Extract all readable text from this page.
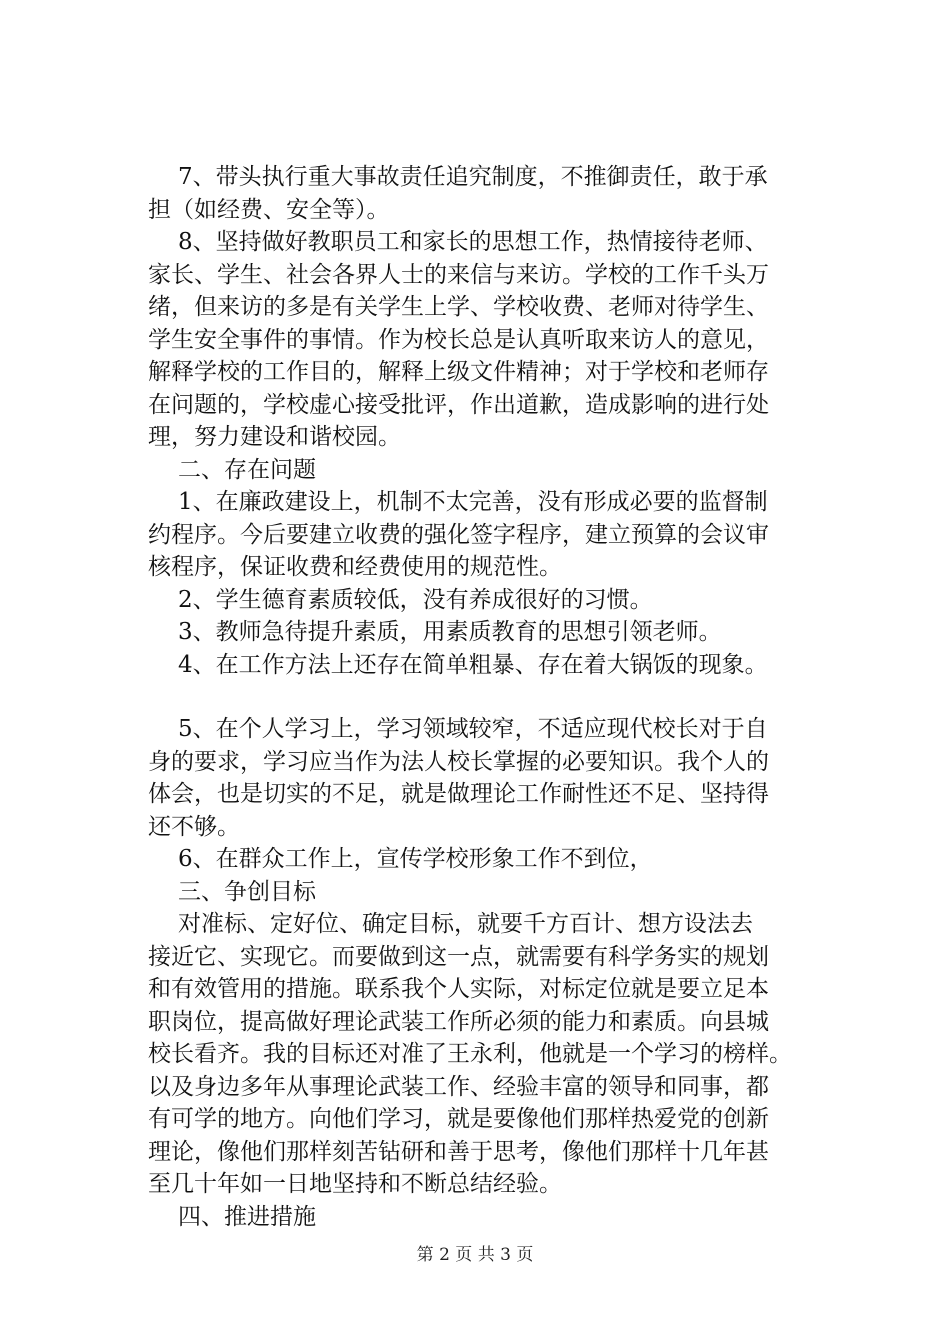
7、带头执行重大事故责任追究制度，不推御责任，敢于承
担（如经费、安全等）。
8、坚持做好教职员工和家长的思想工作，热情接待老师、
家长、学生、社会各界人士的来信与来访。学校的工作千头万
绪，但来访的多是有关学生上学、学校收费、老师对待学生、
学生安全事件的事情。作为校长总是认真听取来访人的意见，
解释学校的工作目的，解释上级文件精神；对于学校和老师存
在问题的，学校虚心接受批评，作出道歉，造成影响的进行处
理，努力建设和谐校园。
二、存在问题
1、在廉政建设上，机制不太完善，没有形成必要的监督制
约程序。今后要建立收费的强化签字程序，建立预算的会议审
核程序，保证收费和经费使用的规范性。
2、学生德育素质较低，没有养成很好的习惯。
3、教师急待提升素质，用素质教育的思想引领老师。
4、在工作方法上还存在简单粗暴、存在着大锅饭的现象。
5、在个人学习上，学习领域较窄，不适应现代校长对于自
身的要求，学习应当作为法人校长掌握的必要知识。我个人的
体会，也是切实的不足，就是做理论工作耐性还不足、坚持得
还不够。
6、在群众工作上，宣传学校形象工作不到位，
三、争创目标
对准标、定好位、确定目标，就要千方百计、想方设法去
接近它、实现它。而要做到这一点，就需要有科学务实的规划
和有效管用的措施。联系我个人实际，对标定位就是要立足本
职岗位，提高做好理论武装工作所必须的能力和素质。向县城
校长看齐。我的目标还对准了王永利，他就是一个学习的榜样。
以及身边多年从事理论武装工作、经验丰富的领导和同事，都
有可学的地方。向他们学习，就是要像他们那样热爱党的创新
理论，像他们那样刻苦钻研和善于思考，像他们那样十几年甚
至几十年如一日地坚持和不断总结经验。
四、推进措施
第 2 页 共 3 页
